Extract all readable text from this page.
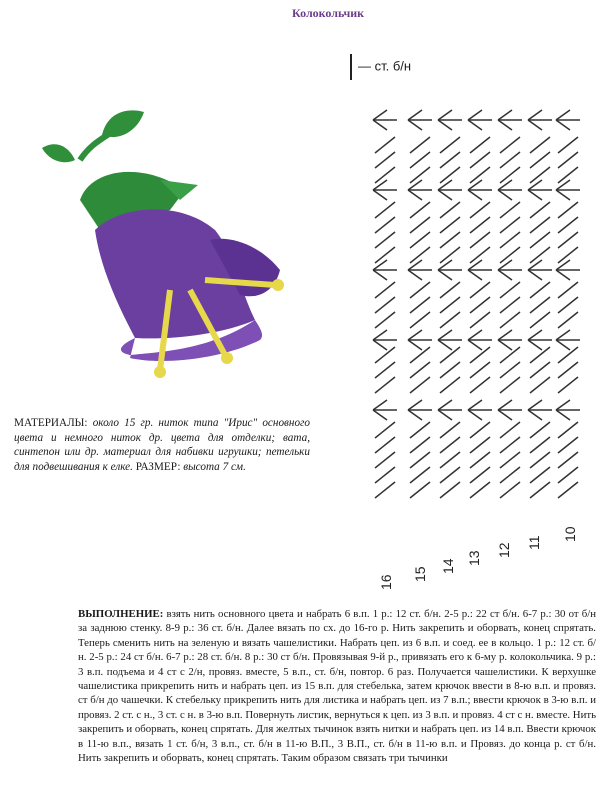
Колокольчик
МАТЕРИАЛЫ: около 15 гр. ниток типа "Ирис" основного цвета и немного ниток др. цвета для отделки; вата, синтепон или др. материал для набивки игрушки; петельки для подвешивания к елке. РАЗМЕР: высота 7 см.
— ст. б/н
16
15
14
13
12 11
10
ВЫПОЛНЕНИЕ: взять нить основного цвета и набрать 6 в.п. 1 р.: 12 ст. б/н. 2-5 р.: 22 ст б/н. 6-7 р.: 30 от б/н за заднюю стенку. 8-9 р.: 36 ст. б/н. Далее вязать по сх. до 16-го р. Нить закрепить и оборвать, конец спрятать. Теперь сменить нить на зеленую и вязать чашелистики. Набрать цеп. из 6 в.п. и соед. ее в кольцо. 1 р.: 12 ст. б/н. 2-5 р.: 24 ст б/н. 6-7 р.: 28 ст. б/н. 8 р.: 30 ст б/н. Провязывая 9-й р., привязать его к 6-му р. колокольчика. 9 р.: 3 в.п. подъема и 4 ст с 2/н, провяз. вместе, 5 в.п., ст. б/н, повтор. 6 раз. Получается чашелистики. К верхушке чашелистика прикрепить нить и набрать цеп. из 15 в.п. для стебелька, затем крючок ввести в 8-ю в.п. и провяз. ст б/н до чашечки. К стебельку прикрепить нить для листика и набрать цеп. из 7 в.п.; ввести крючок в 3-ю в.п. и провяз. 2 ст. с н., 3 ст. с н. в 3-ю в.п. Повернуть листик, вернуться к цеп. из 3 в.п. и провяз. 4 ст с н. вместе. Нить закрепить и оборвать, конец спрятать. Для желтых тычинок взять нитки и набрать цеп. из 14 в.п. Ввести крючок в 11-ю в.п., вязать 1 ст. б/н, 3 в.п., ст. б/н в 11-ю В.П., 3 В.П., ст. б/н в 11-ю в.п. и Провяз. до конца р. ст б/н. Нить закрепить и оборвать, конец спрятать. Таким образом связать три тычинки
